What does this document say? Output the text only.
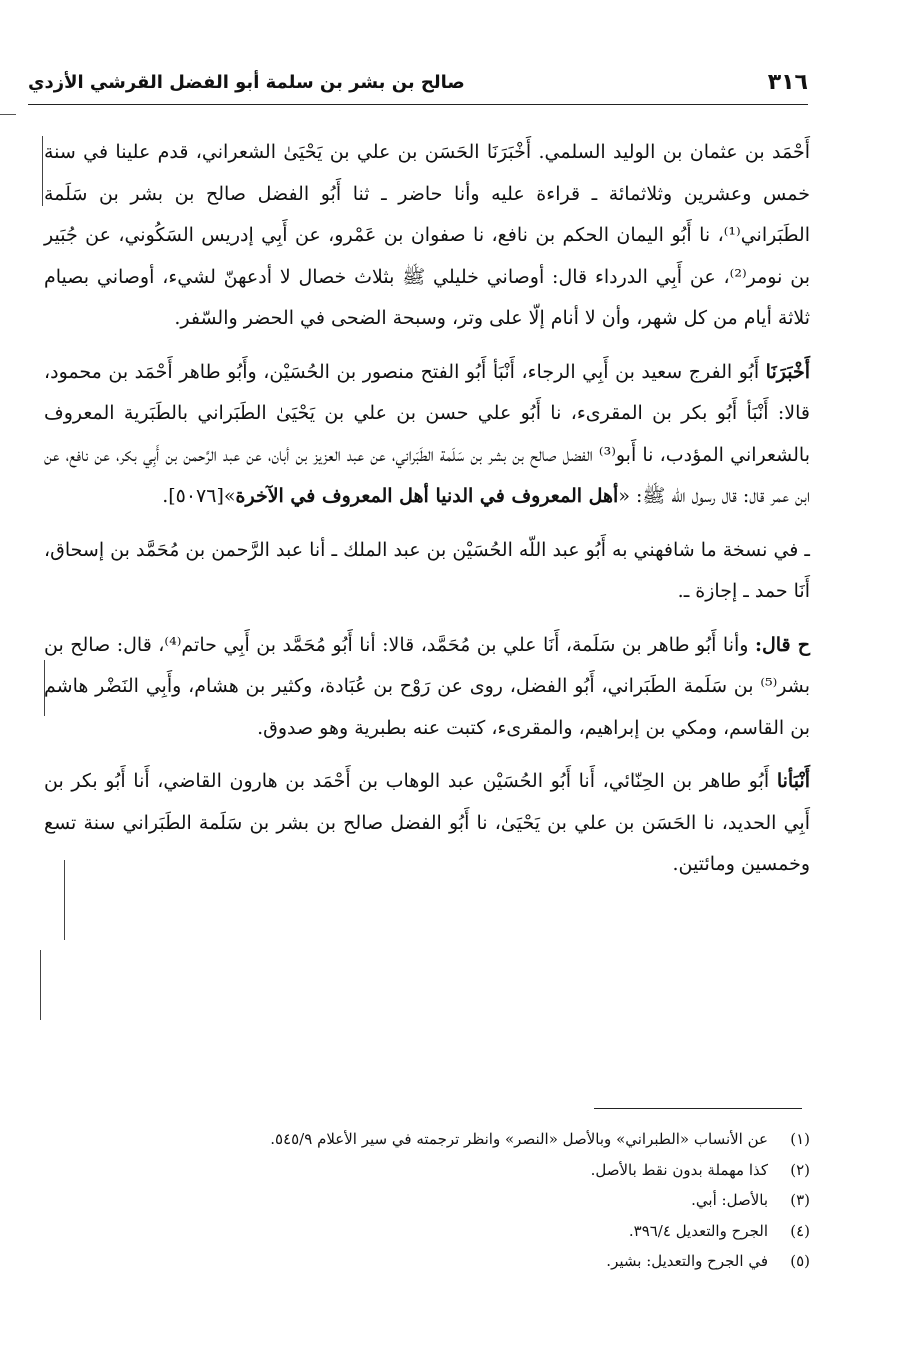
٣١٦
صالح بن بشر بن سلمة أبو الفضل القرشي الأزدي

أَحْمَد بن عثمان بن الوليد السلمي. أَخْبَرَنَا الحَسَن بن علي بن يَحْيَىٰ الشعراني، قدم علينا في سنة خمس وعشرين وثلاثمائة ـ قراءة عليه وأنا حاضر ـ ثنا أَبُو الفضل صالح بن بشر بن سَلَمة الطَبَراني⁽¹⁾، نا أَبُو اليمان الحكم بن نافع، نا صفوان بن عَمْرو، عن أَبِي إدريس السَكُوني، عن جُبَير بن نومر⁽²⁾، عن أَبِي الدرداء قال: أوصاني خليلي ﷺ بثلاث خصال لا أدعهنّ لشيء، أوصاني بصيام ثلاثة أيام من كل شهر، وأن لا أنام إلّا على وتر، وسبحة الضحى في الحضر والسّفر.

أَخْبَرَنَا أَبُو الفرج سعيد بن أَبِي الرجاء، أَنْبَأ أَبُو الفتح منصور بن الحُسَيْن، وأَبُو طاهر أَحْمَد بن محمود، قالا: أَنْبَأ أَبُو بكر بن المقرىء، نا أَبُو علي حسن بن علي بن يَحْيَىٰ الطَبَراني بالطَبَرية المعروف بالشعراني المؤدب، نا أَبو⁽³⁾ الفضل صالح بن بشر بن سَلَمة الطَبَراني، عن عبد العزيز بن أبان، عن عبد الرَّحمن بن أَبِي بكر، عن نافع، عن ابن عمر قال: قال رسول الله ﷺ: «أهل المعروف في الدنيا أهل المعروف في الآخرة»[٥٠٧٦].

ـ في نسخة ما شافهني به أَبُو عبد اللّه الحُسَيْن بن عبد الملك ـ أنا عبد الرَّحمن بن مُحَمَّد بن إسحاق، أَنَا حمد ـ إجازة ـ.

ح قال: وأنا أَبُو طاهر بن سَلَمة، أَنَا علي بن مُحَمَّد، قالا: أنا أَبُو مُحَمَّد بن أَبِي حاتم⁽⁴⁾، قال: صالح بن بشر⁽⁵⁾ بن سَلَمة الطَبَراني، أَبُو الفضل، روى عن رَوْح بن عُبَادة، وكثير بن هشام، وأَبِي النَضْر هاشم بن القاسم، ومكي بن إبراهيم، والمقرىء، كتبت عنه بطبرية وهو صدوق.

أَنْبَأنا أَبُو طاهر بن الحِنّائي، أَنا أَبُو الحُسَيْن عبد الوهاب بن أَحْمَد بن هارون القاضي، أَنا أَبُو بكر بن أَبِي الحديد، نا الحَسَن بن علي بن يَحْيَىٰ، نا أَبُو الفضل صالح بن بشر بن سَلَمة الطَبَراني سنة تسع وخمسين ومائتين.

(١)
عن الأنساب «الطبراني» وبالأصل «النصر» وانظر ترجمته في سير الأعلام ٥٤٥/٩.
(٢)
كذا مهملة بدون نقط بالأصل.
(٣)
بالأصل: أبي.
(٤)
الجرح والتعديل ٣٩٦/٤.
(٥)
في الجرح والتعديل: بشير.
